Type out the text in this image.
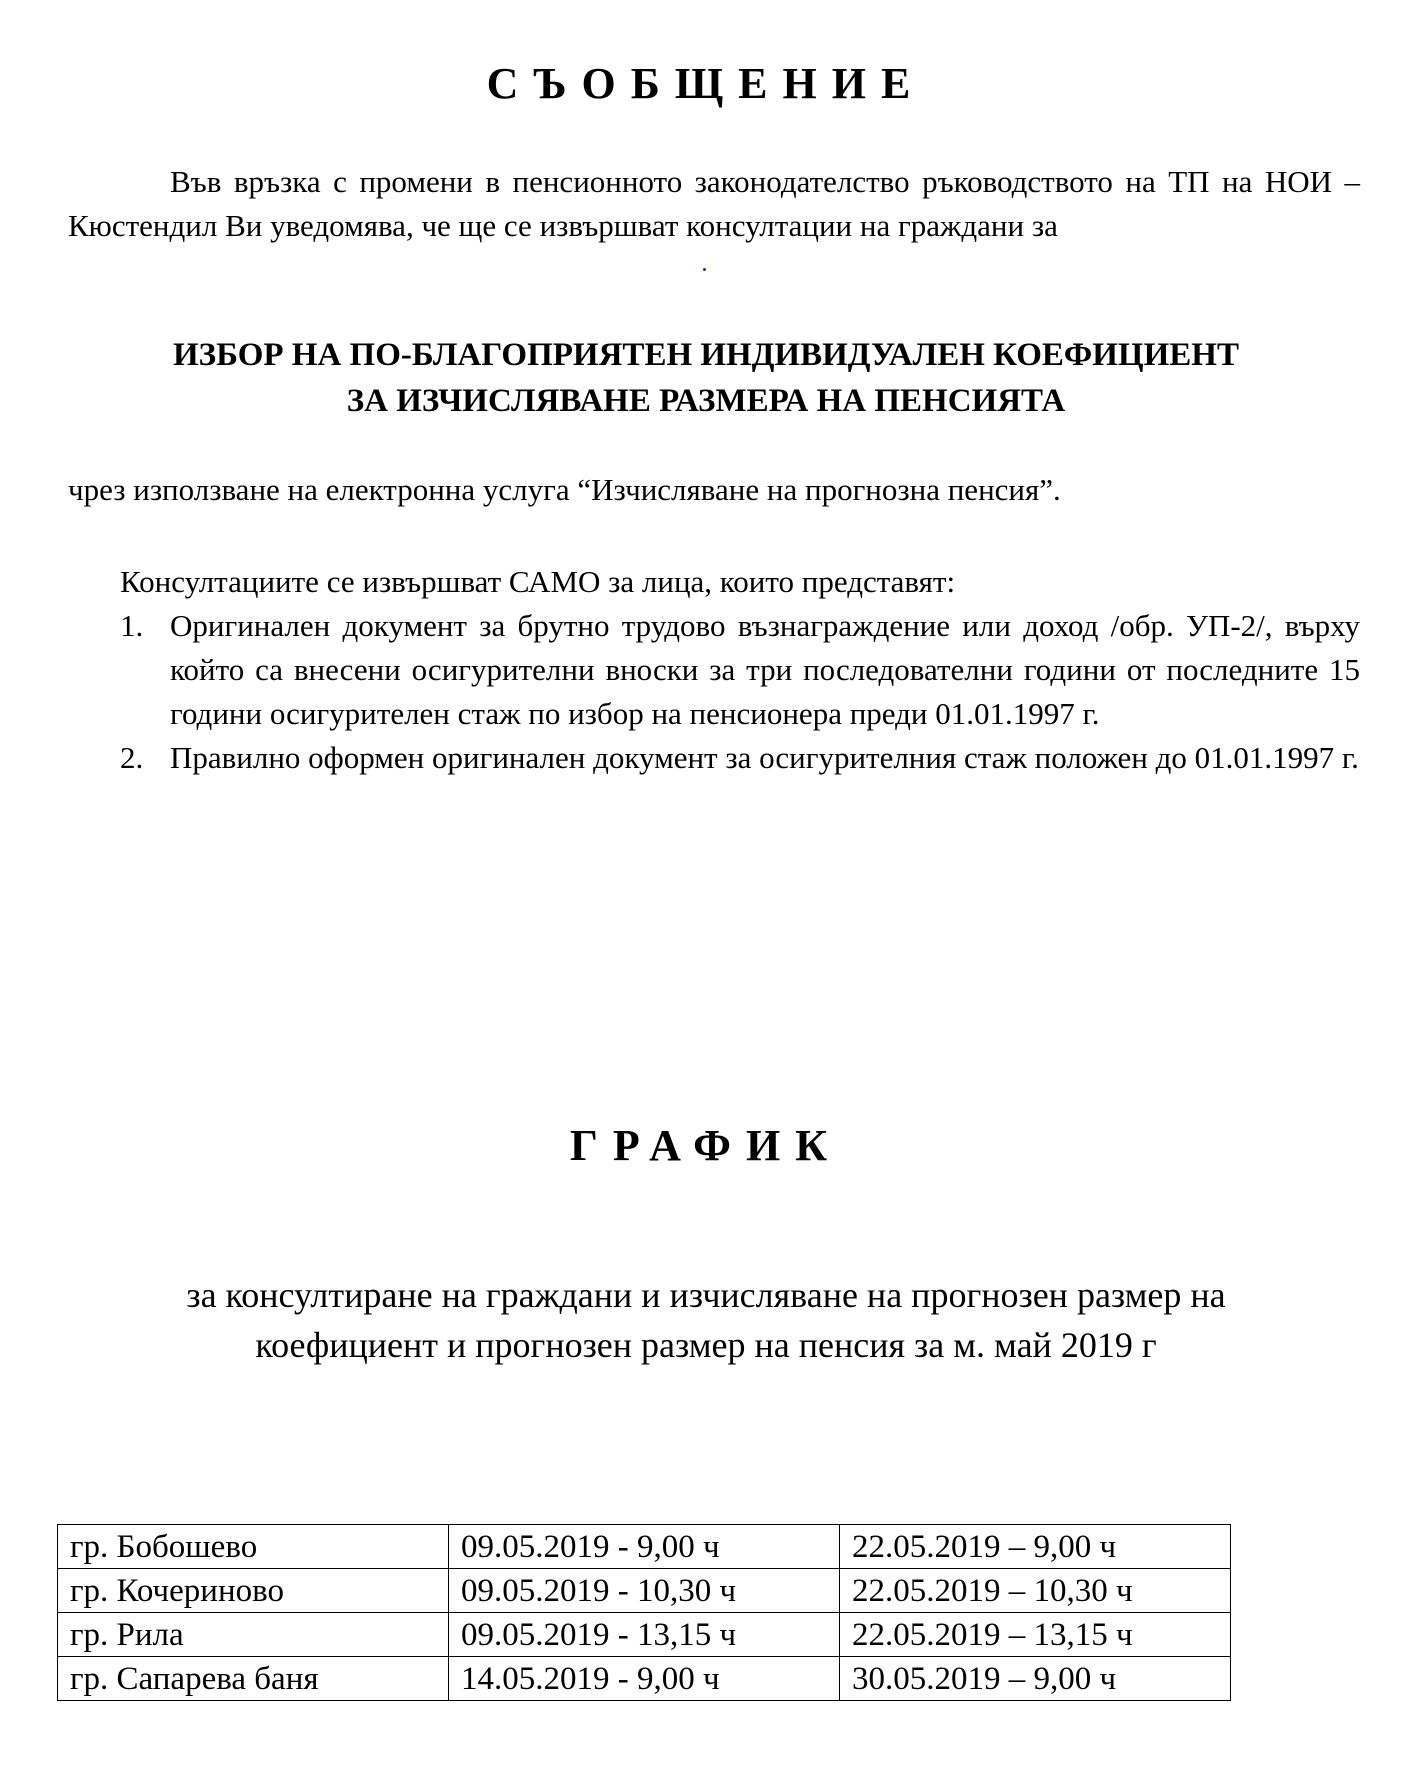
СЪОБЩЕНИЕ
Във връзка с промени в пенсионното законодателство ръководството на ТП на НОИ – Кюстендил Ви уведомява, че ще се извършват консултации на граждани за
ИЗБОР НА ПО-БЛАГОПРИЯТЕН ИНДИВИДУАЛЕН КОЕФИЦИЕНТ
ЗА ИЗЧИСЛЯВАНЕ РАЗМЕРА НА ПЕНСИЯТА
чрез използване на електронна услуга “Изчисляване на прогнозна пенсия”.
Консултациите се извършват САМО за лица, които представят:
1. Оригинален документ за брутно трудово възнаграждение или доход /обр. УП-2/, върху който са внесени осигурителни вноски за три последователни години от последните 15 години осигурителен стаж по избор на пенсионера преди 01.01.1997 г.
2. Правилно оформен оригинален документ за осигурителния стаж положен до 01.01.1997 г.
ГРАФИК
за консултиране на граждани и изчисляване на прогнозен размер на
коефициент и прогнозен размер на пенсия за м. май 2019 г
гр. Бобошево	09.05.2019 - 9,00 ч	22.05.2019 – 9,00 ч
гр. Кочериново	09.05.2019 - 10,30 ч	22.05.2019 – 10,30 ч
гр. Рила	09.05.2019 - 13,15 ч	22.05.2019 – 13,15 ч
гр. Сапарева баня	14.05.2019 - 9,00 ч	30.05.2019 – 9,00 ч
